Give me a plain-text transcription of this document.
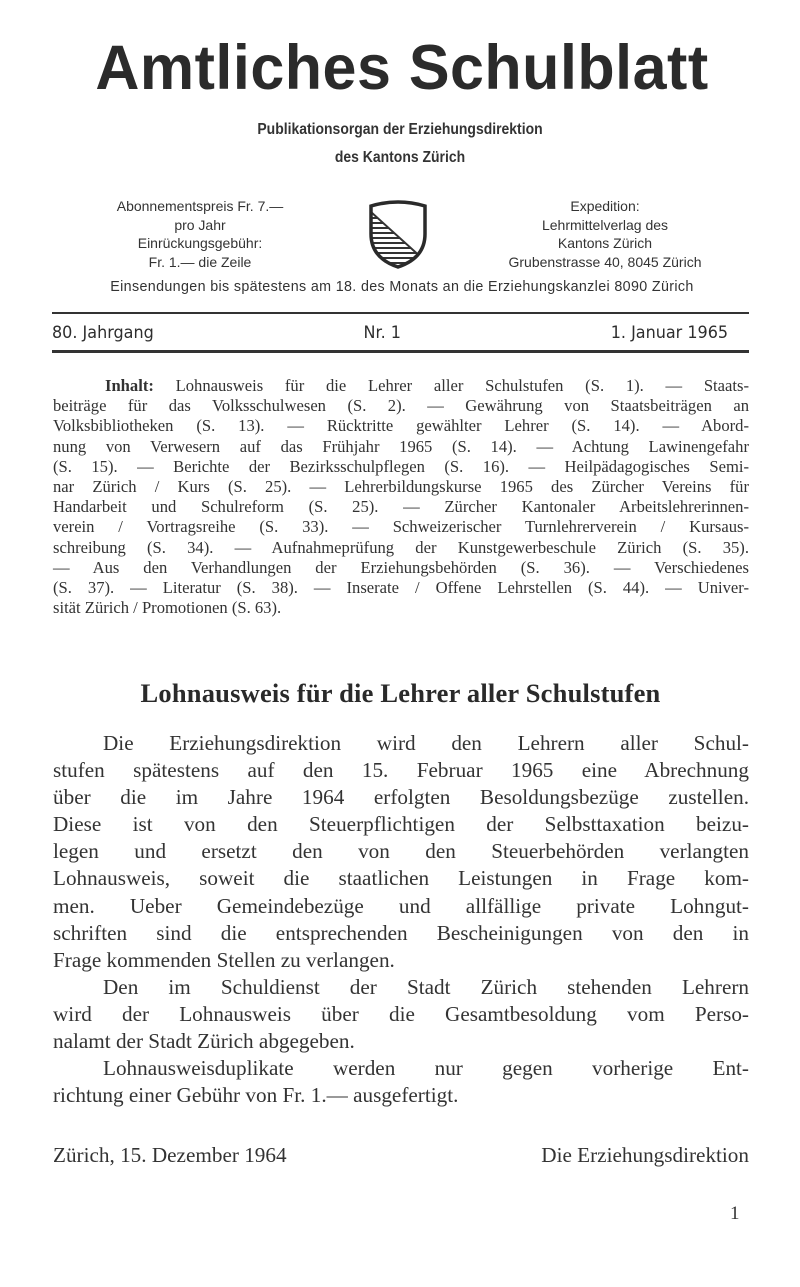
Amtliches Schulblatt
Publikationsorgan der Erziehungsdirektion
des Kantons Zürich
Abonnementspreis Fr. 7.—
pro Jahr
Einrückungsgebühr:
Fr. 1.— die Zeile
Expedition:
Lehrmittelverlag des
Kantons Zürich
Grubenstrasse 40, 8045 Zürich
Einsendungen bis spätestens am 18. des Monats an die Erziehungskanzlei 8090 Zürich
80. Jahrgang	Nr. 1	1. Januar 1965
Inhalt: Lohnausweis für die Lehrer aller Schulstufen (S. 1). — Staats-
beiträge für das Volksschulwesen (S. 2). — Gewährung von Staatsbeiträgen an
Volksbibliotheken (S. 13). — Rücktritte gewählter Lehrer (S. 14). — Abord-
nung von Verwesern auf das Frühjahr 1965 (S. 14). — Achtung Lawinengefahr
(S. 15). — Berichte der Bezirksschulpflegen (S. 16). — Heilpädagogisches Semi-
nar Zürich / Kurs (S. 25). — Lehrerbildungskurse 1965 des Zürcher Vereins für
Handarbeit und Schulreform (S. 25). — Zürcher Kantonaler Arbeitslehrerinnen-
verein / Vortragsreihe (S. 33). — Schweizerischer Turnlehrerverein / Kursaus-
schreibung (S. 34). — Aufnahmeprüfung der Kunstgewerbeschule Zürich (S. 35).
— Aus den Verhandlungen der Erziehungsbehörden (S. 36). — Verschiedenes
(S. 37). — Literatur (S. 38). — Inserate / Offene Lehrstellen (S. 44). — Univer-
sität Zürich / Promotionen (S. 63).
Lohnausweis für die Lehrer aller Schulstufen
Die Erziehungsdirektion wird den Lehrern aller Schul-
stufen spätestens auf den 15. Februar 1965 eine Abrechnung
über die im Jahre 1964 erfolgten Besoldungsbezüge zustellen.
Diese ist von den Steuerpflichtigen der Selbsttaxation beizu-
legen und ersetzt den von den Steuerbehörden verlangten
Lohnausweis, soweit die staatlichen Leistungen in Frage kom-
men. Ueber Gemeindebezüge und allfällige private Lohngut-
schriften sind die entsprechenden Bescheinigungen von den in
Frage kommenden Stellen zu verlangen.
Den im Schuldienst der Stadt Zürich stehenden Lehrern
wird der Lohnausweis über die Gesamtbesoldung vom Perso-
nalamt der Stadt Zürich abgegeben.
Lohnausweisduplikate werden nur gegen vorherige Ent-
richtung einer Gebühr von Fr. 1.— ausgefertigt.
Zürich, 15. Dezember 1964	Die Erziehungsdirektion
1
